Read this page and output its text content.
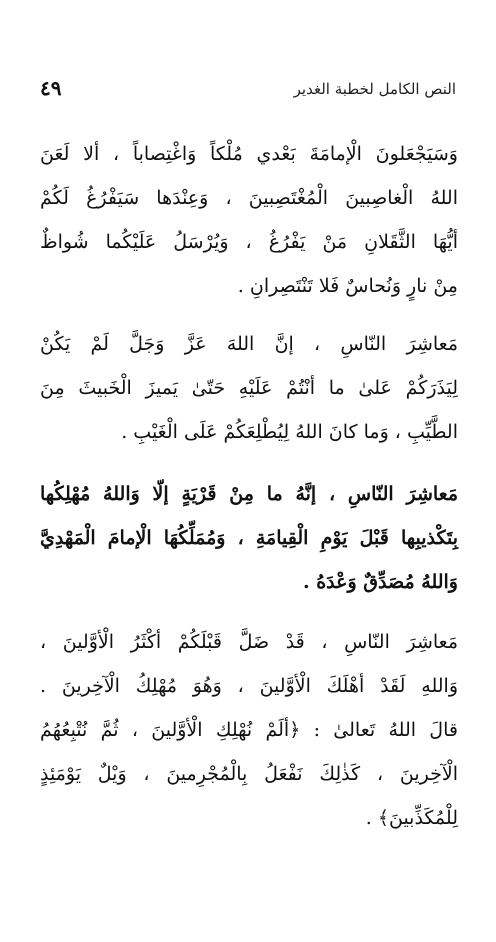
النص الكامل لخطبة الغدير
٤٩

وَسَيَجْعَلونَ الْإمامَةَ بَعْدي مُلْكاً وَاغْتِصاباً ، ألا لَعَنَ
اللهُ الْغاصِبينَ الْمُغْتَصِبينَ ، وَعِنْدَها سَيَفْرُغُ لَكُمْ
أيُّهَا الثَّقَلانِ مَنْ يَفْرُغُ ، وَيُرْسَلُ عَلَيْكُما شُواظٌ
مِنْ نارٍ وَنُحاسٌ فَلا تَنْتَصِرانِ .

مَعاشِرَ النّاسِ ، إنَّ اللهَ عَزَّ وَجَلَّ لَمْ يَكُنْ
لِيَذَرَكُمْ عَلىٰ ما أنْتُمْ عَلَيْهِ حَتّىٰ يَميزَ الْخَبيثَ مِنَ
الطَّيِّبِ ، وَما كانَ اللهُ لِيُطْلِعَكُمْ عَلَى الْغَيْبِ .

مَعاشِرَ النّاسِ ، إنَّهُ ما مِنْ قَرْيَةٍ إلّا وَاللهُ مُهْلِكُها
بِتَكْذيبِها قَبْلَ يَوْمِ الْقِيامَةِ ، وَمُمَلِّكُهَا الْإمامَ الْمَهْدِيَّ
وَاللهُ مُصَدِّقٌ وَعْدَهُ .

مَعاشِرَ النّاسِ ، قَدْ ضَلَّ قَبْلَكُمْ أكْثَرُ الْأوَّلينَ ،
وَاللهِ لَقَدْ أهْلَكَ الْأوَّلينَ ، وَهُوَ مُهْلِكُ الْآخِرينَ .
قالَ اللهُ تَعالىٰ : ﴿ألَمْ نُهْلِكِ الْأوَّلينَ ، ثُمَّ نُتْبِعُهُمُ
الْآخِرينَ ، كَذٰلِكَ نَفْعَلُ بِالْمُجْرِمينَ ، وَيْلٌ يَوْمَئِذٍ
لِلْمُكَذِّبينَ﴾ .
